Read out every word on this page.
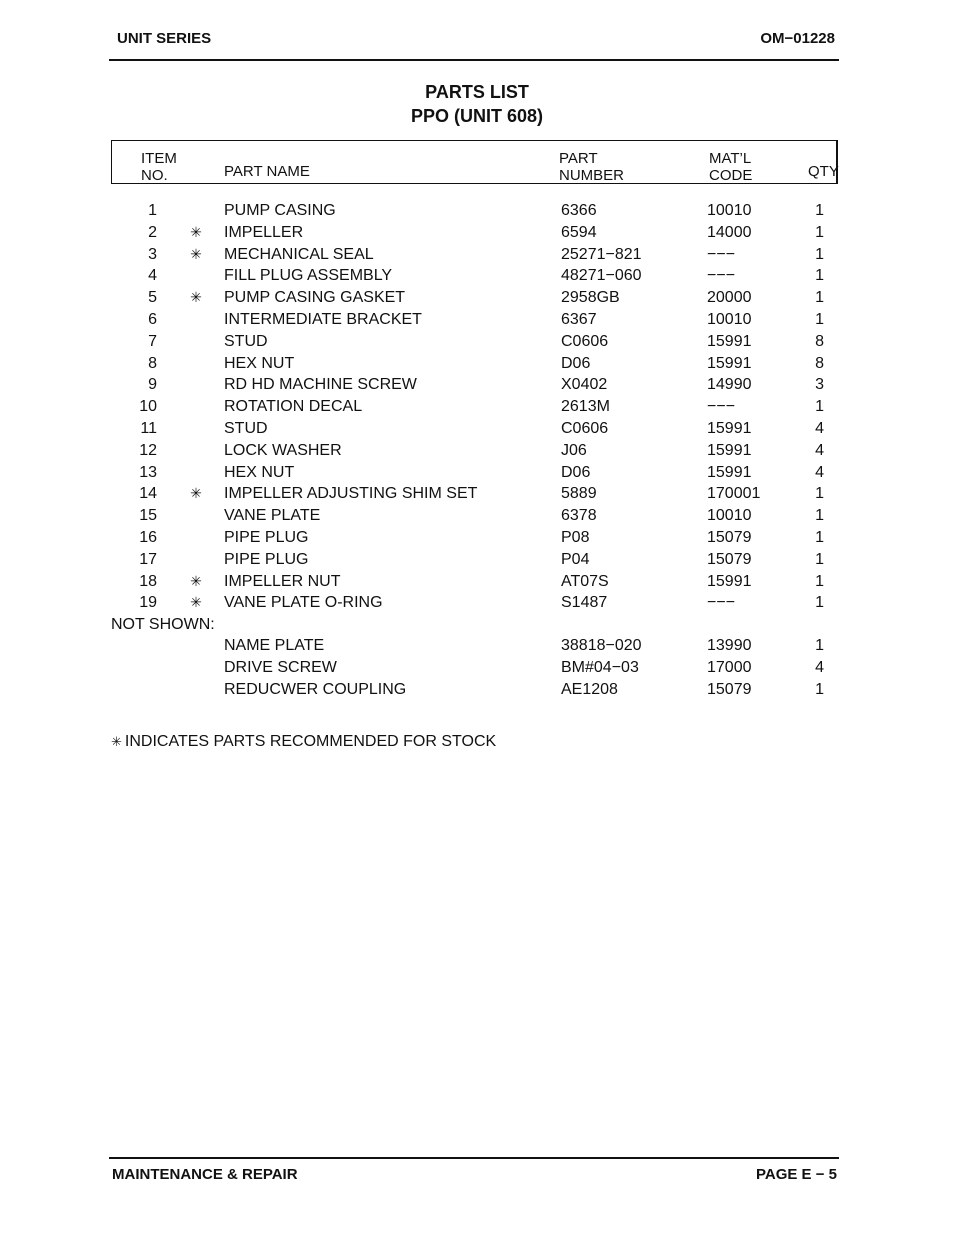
UNIT SERIES	OM−01228
PARTS LIST
PPO (UNIT 608)
ITEM
NO.	PART NAME
PART
NUMBER
MAT’L
CODE	QTY
1	PUMP CASING	6366	10010	1
2 ✳ IMPELLER	6594	14000	1
3 ✳ MECHANICAL SEAL	25271−821	−−−	1
4	FILL PLUG ASSEMBLY	48271−060	−−−	1
5 ✳ PUMP CASING GASKET	2958GB	20000	1
6	INTERMEDIATE BRACKET	6367	10010	1
7	STUD	C0606	15991	8
8	HEX NUT	D06	15991	8
9	RD HD MACHINE SCREW	X0402	14990	3
10	ROTATION DECAL	2613M	−−−	1
11	STUD	C0606	15991	4
12	LOCK WASHER	J06	15991	4
13	HEX NUT	D06	15991	4
14 ✳ IMPELLER ADJUSTING SHIM SET	5889	170001	1
15	VANE PLATE	6378	10010	1
16	PIPE PLUG	P08	15079	1
17	PIPE PLUG	P04	15079	1
18 ✳ IMPELLER NUT	AT07S	15991	1
19 ✳ VANE PLATE O-RING	S1487	−−−	1
NOT SHOWN:
NAME PLATE	38818−020	13990	1
DRIVE SCREW	BM#04−03	17000	4
REDUCWER COUPLING	AE1208	15079	1
✳ INDICATES PARTS RECOMMENDED FOR STOCK
MAINTENANCE & REPAIR	PAGE E − 5
